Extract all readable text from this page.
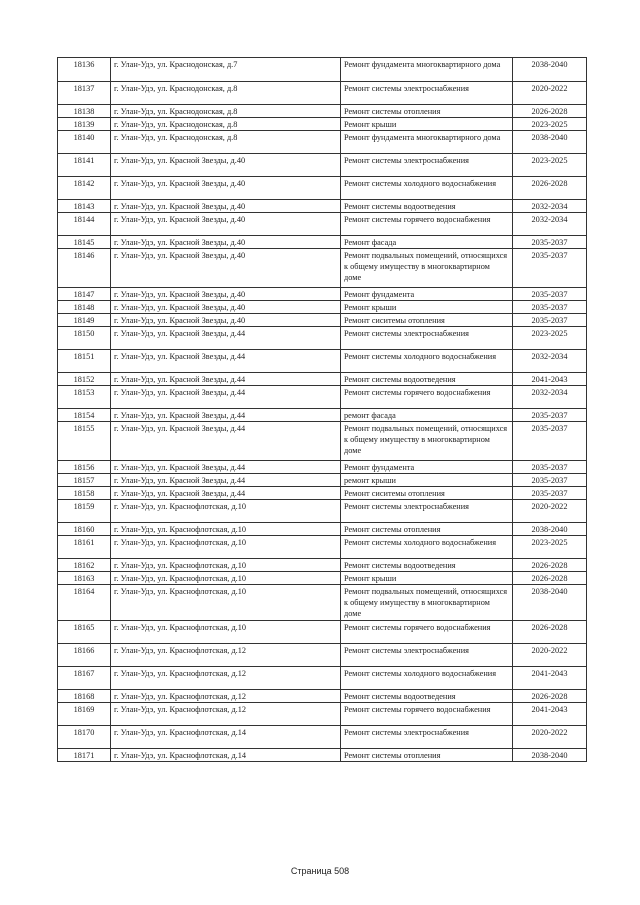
18136	г. Улан-Удэ, ул. Краснодонская, д.7	Ремонт фундамента многоквартирного дома	2038-2040
18137	г. Улан-Удэ, ул. Краснодонская, д.8	Ремонт системы электроснабжения	2020-2022
18138	г. Улан-Удэ, ул. Краснодонская, д.8	Ремонт системы отопления	2026-2028
18139	г. Улан-Удэ, ул. Краснодонская, д.8	Ремонт крыши	2023-2025
18140	г. Улан-Удэ, ул. Краснодонская, д.8	Ремонт фундамента многоквартирного дома	2038-2040
18141	г. Улан-Удэ, ул. Красной Звезды, д.40	Ремонт системы электроснабжения	2023-2025
18142	г. Улан-Удэ, ул. Красной Звезды, д.40	Ремонт системы холодного водоснабжения	2026-2028
18143	г. Улан-Удэ, ул. Красной Звезды, д.40	Ремонт системы водоотведения	2032-2034
18144	г. Улан-Удэ, ул. Красной Звезды, д.40	Ремонт системы горячего водоснабжения	2032-2034
18145	г. Улан-Удэ, ул. Красной Звезды, д.40	Ремонт фасада	2035-2037
18146	г. Улан-Удэ, ул. Красной Звезды, д.40	Ремонт подвальных помещений, относящихся к общему имуществу в многоквартирном доме	2035-2037
18147	г. Улан-Удэ, ул. Красной Звезды, д.40	Ремонт фундамента	2035-2037
18148	г. Улан-Удэ, ул. Красной Звезды, д.40	Ремонт крыши	2035-2037
18149	г. Улан-Удэ, ул. Красной Звезды, д.40	Ремонт сиситемы отопления	2035-2037
18150	г. Улан-Удэ, ул. Красной Звезды, д.44	Ремонт системы электроснабжения	2023-2025
18151	г. Улан-Удэ, ул. Красной Звезды, д.44	Ремонт системы холодного водоснабжения	2032-2034
18152	г. Улан-Удэ, ул. Красной Звезды, д.44	Ремонт системы водоотведения	2041-2043
18153	г. Улан-Удэ, ул. Красной Звезды, д.44	Ремонт системы горячего водоснабжения	2032-2034
18154	г. Улан-Удэ, ул. Красной Звезды, д.44	ремонт фасада	2035-2037
18155	г. Улан-Удэ, ул. Красной Звезды, д.44	Ремонт подвальных помещений, относящихся к общему имуществу в многоквартирном доме	2035-2037
18156	г. Улан-Удэ, ул. Красной Звезды, д.44	Ремонт фундамента	2035-2037
18157	г. Улан-Удэ, ул. Красной Звезды, д.44	ремонт крыши	2035-2037
18158	г. Улан-Удэ, ул. Красной Звезды, д.44	Ремонт сиситемы отопления	2035-2037
18159	г. Улан-Удэ, ул. Краснофлотская, д.10	Ремонт системы электроснабжения	2020-2022
18160	г. Улан-Удэ, ул. Краснофлотская, д.10	Ремонт системы отопления	2038-2040
18161	г. Улан-Удэ, ул. Краснофлотская, д.10	Ремонт системы холодного водоснабжения	2023-2025
18162	г. Улан-Удэ, ул. Краснофлотская, д.10	Ремонт системы водоотведения	2026-2028
18163	г. Улан-Удэ, ул. Краснофлотская, д.10	Ремонт крыши	2026-2028
18164	г. Улан-Удэ, ул. Краснофлотская, д.10	Ремонт подвальных помещений, относящихся к общему имуществу в многоквартирном доме	2038-2040
18165	г. Улан-Удэ, ул. Краснофлотская, д.10	Ремонт системы горячего водоснабжения	2026-2028
18166	г. Улан-Удэ, ул. Краснофлотская, д.12	Ремонт системы электроснабжения	2020-2022
18167	г. Улан-Удэ, ул. Краснофлотская, д.12	Ремонт системы холодного водоснабжения	2041-2043
18168	г. Улан-Удэ, ул. Краснофлотская, д.12	Ремонт системы водоотведения	2026-2028
18169	г. Улан-Удэ, ул. Краснофлотская, д.12	Ремонт системы горячего водоснабжения	2041-2043
18170	г. Улан-Удэ, ул. Краснофлотская, д.14	Ремонт системы электроснабжения	2020-2022
18171	г. Улан-Удэ, ул. Краснофлотская, д.14	Ремонт системы отопления	2038-2040
Страница 508
